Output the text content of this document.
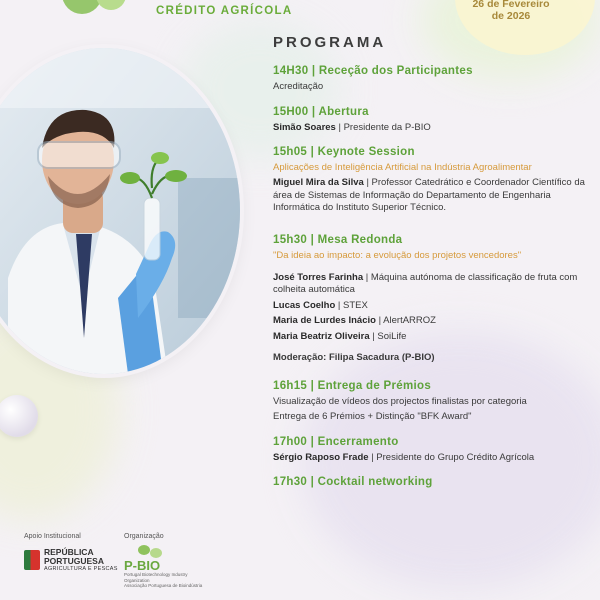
CRÉDITO AGRÍCOLA
26 de Fevereiro
de 2026
PROGRAMA
14H30 | Receção dos Participantes
Acreditação
15H00 | Abertura
Simão Soares | Presidente da P-BIO
15h05 | Keynote Session
Aplicações de Inteligência Artificial na Indústria Agroalimentar
Miguel Mira da Silva | Professor Catedrático e Coordenador Científico da área de Sistemas de Informação do Departamento de Engenharia Informática do Instituto Superior Técnico.
15h30 | Mesa Redonda
"Da ideia ao impacto: a evolução dos projetos vencedores"
José Torres Farinha | Máquina autónoma de classificação de fruta com colheita automática
Lucas Coelho | STEX
Maria de Lurdes Inácio | AlertARROZ
Maria Beatriz Oliveira | SoiLife
Moderação: Filipa Sacadura (P-BIO)
16h15 | Entrega de Prémios
Visualização de vídeos dos projectos finalistas por categoria
Entrega de 6 Prémios + Distinção "BFK Award"
17h00 | Encerramento
Sérgio Raposo Frade | Presidente do Grupo Crédito Agrícola
17h30 | Cocktail networking
Apoio Institucional
REPÚBLICA
PORTUGUESA
AGRICULTURA E PESCAS
Organização
P-BIO
Portugal Biotechnology Industry Organization
Associação Portuguesa de Bioindústria
